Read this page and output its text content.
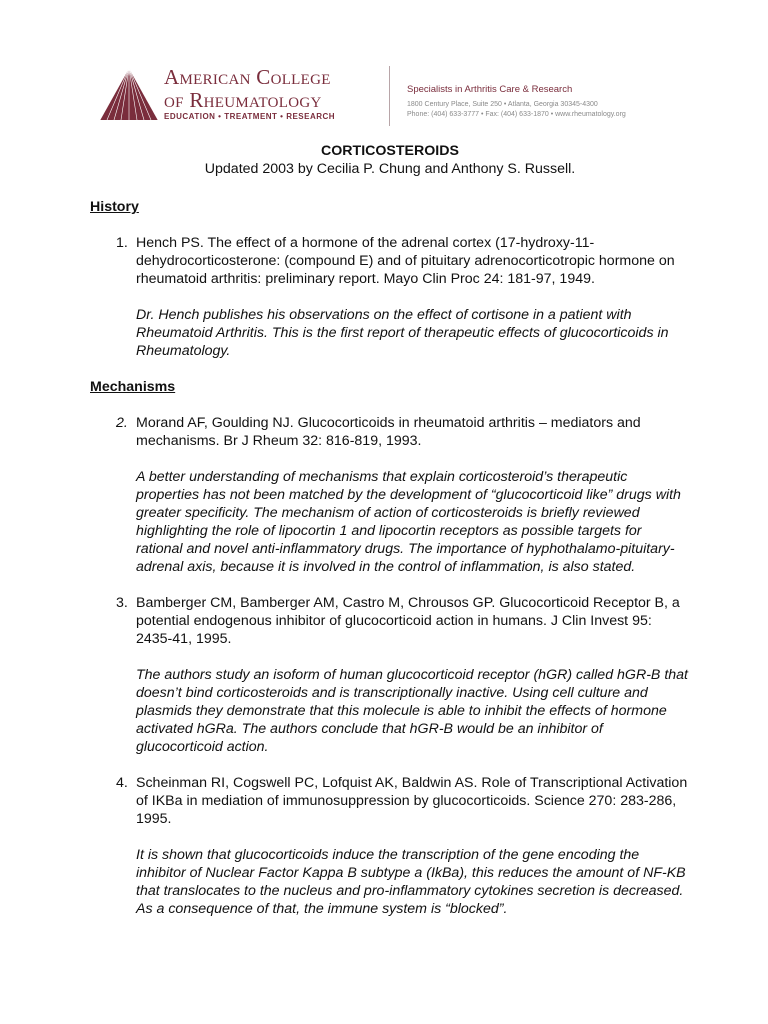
American College
of Rheumatology
EDUCATION • TREATMENT • RESEARCH
Specialists in Arthritis Care & Research
1800 Century Place, Suite 250 • Atlanta, Georgia 30345-4300
Phone: (404) 633-3777 • Fax: (404) 633-1870 • www.rheumatology.org

CORTICOSTEROIDS

Updated 2003 by Cecilia P. Chung and Anthony S. Russell.

History

1. Hench PS. The effect of a hormone of the adrenal cortex (17-hydroxy-11-dehydrocorticosterone: (compound E) and of pituitary adrenocorticotropic hormone on rheumatoid arthritis: preliminary report. Mayo Clin Proc 24: 181-97, 1949.

Dr. Hench publishes his observations on the effect of cortisone in a patient with Rheumatoid Arthritis. This is the first report of therapeutic effects of glucocorticoids in Rheumatology.

Mechanisms

2. Morand AF, Goulding NJ. Glucocorticoids in rheumatoid arthritis – mediators and mechanisms. Br J Rheum 32: 816-819, 1993.

A better understanding of mechanisms that explain corticosteroid’s therapeutic properties has not been matched by the development of “glucocorticoid like” drugs with greater specificity. The mechanism of action of corticosteroids is briefly reviewed highlighting the role of lipocortin 1 and lipocortin receptors as possible targets for rational and novel anti-inflammatory drugs. The importance of hyphothalamo-pituitary-adrenal axis, because it is involved in the control of inflammation, is also stated.

3. Bamberger CM, Bamberger AM, Castro M, Chrousos GP. Glucocorticoid Receptor B, a potential endogenous inhibitor of glucocorticoid action in humans. J Clin Invest 95: 2435-41, 1995.

The authors study an isoform of human glucocorticoid receptor (hGR) called hGR-B that doesn’t bind corticosteroids and is transcriptionally inactive. Using cell culture and plasmids they demonstrate that this molecule is able to inhibit the effects of hormone activated hGRa. The authors conclude that hGR-B would be an inhibitor of glucocorticoid action.

4. Scheinman RI, Cogswell PC, Lofquist AK, Baldwin AS. Role of Transcriptional Activation of IKBa in mediation of immunosuppression by glucocorticoids. Science 270: 283-286, 1995.

It is shown that glucocorticoids induce the transcription of the gene encoding the inhibitor of Nuclear Factor Kappa B subtype a (IkBa), this reduces the amount of NF-KB that translocates to the nucleus and pro-inflammatory cytokines secretion is decreased. As a consequence of that, the immune system is “blocked”.
